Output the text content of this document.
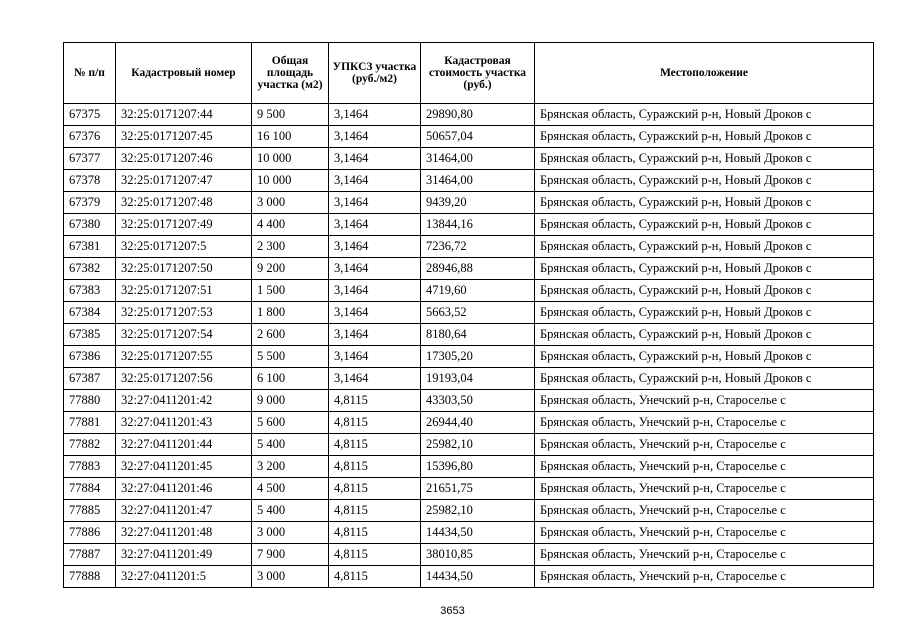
№ п/п	Кадастровый номер	Общая площадь участка (м2)	УПКСЗ участка (руб./м2)	Кадастровая стоимость участка (руб.)	Местоположение
67375	32:25:0171207:44	9 500	3,1464	29890,80	Брянская область, Суражский р-н, Новый Дроков с
67376	32:25:0171207:45	16 100	3,1464	50657,04	Брянская область, Суражский р-н, Новый Дроков с
67377	32:25:0171207:46	10 000	3,1464	31464,00	Брянская область, Суражский р-н, Новый Дроков с
67378	32:25:0171207:47	10 000	3,1464	31464,00	Брянская область, Суражский р-н, Новый Дроков с
67379	32:25:0171207:48	3 000	3,1464	9439,20	Брянская область, Суражский р-н, Новый Дроков с
67380	32:25:0171207:49	4 400	3,1464	13844,16	Брянская область, Суражский р-н, Новый Дроков с
67381	32:25:0171207:5	2 300	3,1464	7236,72	Брянская область, Суражский р-н, Новый Дроков с
67382	32:25:0171207:50	9 200	3,1464	28946,88	Брянская область, Суражский р-н, Новый Дроков с
67383	32:25:0171207:51	1 500	3,1464	4719,60	Брянская область, Суражский р-н, Новый Дроков с
67384	32:25:0171207:53	1 800	3,1464	5663,52	Брянская область, Суражский р-н, Новый Дроков с
67385	32:25:0171207:54	2 600	3,1464	8180,64	Брянская область, Суражский р-н, Новый Дроков с
67386	32:25:0171207:55	5 500	3,1464	17305,20	Брянская область, Суражский р-н, Новый Дроков с
67387	32:25:0171207:56	6 100	3,1464	19193,04	Брянская область, Суражский р-н, Новый Дроков с
77880	32:27:0411201:42	9 000	4,8115	43303,50	Брянская область, Унечский р-н, Староселье с
77881	32:27:0411201:43	5 600	4,8115	26944,40	Брянская область, Унечский р-н, Староселье с
77882	32:27:0411201:44	5 400	4,8115	25982,10	Брянская область, Унечский р-н, Староселье с
77883	32:27:0411201:45	3 200	4,8115	15396,80	Брянская область, Унечский р-н, Староселье с
77884	32:27:0411201:46	4 500	4,8115	21651,75	Брянская область, Унечский р-н, Староселье с
77885	32:27:0411201:47	5 400	4,8115	25982,10	Брянская область, Унечский р-н, Староселье с
77886	32:27:0411201:48	3 000	4,8115	14434,50	Брянская область, Унечский р-н, Староселье с
77887	32:27:0411201:49	7 900	4,8115	38010,85	Брянская область, Унечский р-н, Староселье с
77888	32:27:0411201:5	3 000	4,8115	14434,50	Брянская область, Унечский р-н, Староселье с
3653
